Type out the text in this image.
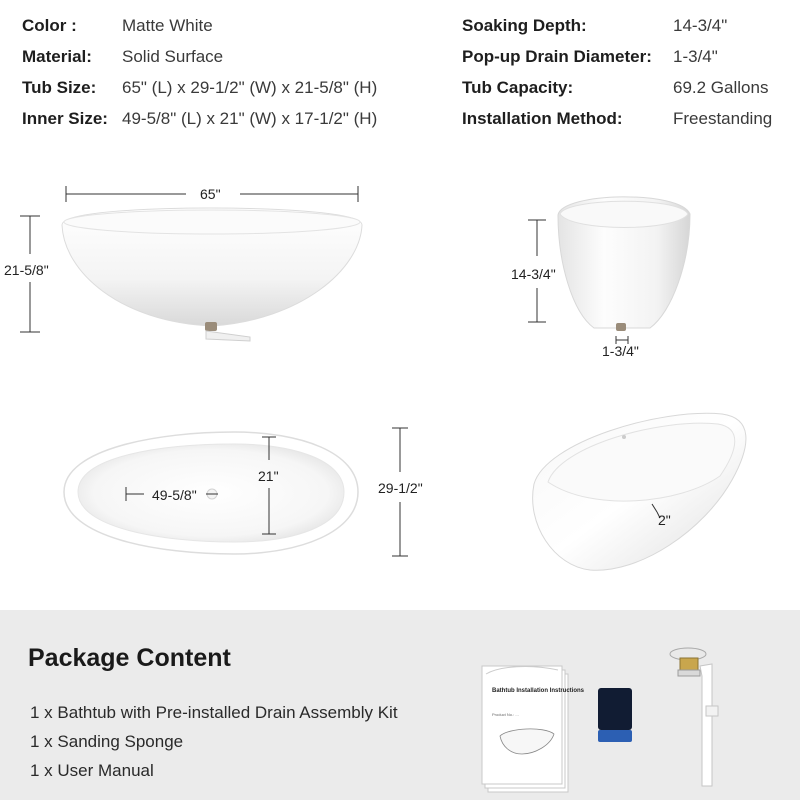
Color :	Matte White
Material: Solid Surface
Tub Size: 65" (L) x 29-1/2" (W) x 21-5/8" (H)
Inner Size: 49-5/8" (L) x 21" (W) x 17-1/2" (H)
Soaking Depth:	14-3/4"
Pop-up Drain Diameter: 1-3/4"
Tub Capacity:	69.2 Gallons
Installation Method:	Freestanding
65"
21-5/8"	14-3/4"
1-3/4"
49-5/8"
21"
29-1/2"
2"
Package Content
1 x Bathtub with Pre-installed Drain Assembly Kit
1 x Sanding Sponge
1 x User Manual
Bathtub Installation Instructions
Product No.: ...
